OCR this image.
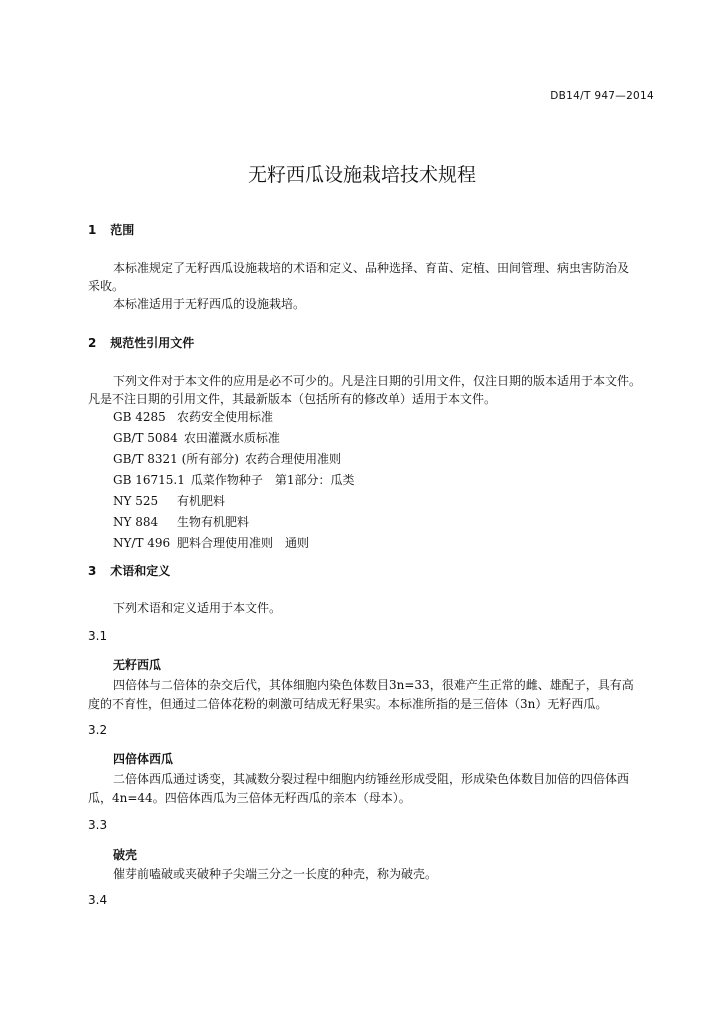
DB14/T 947—2014
无籽西瓜设施栽培技术规程
1 范围
本标准规定了无籽西瓜设施栽培的术语和定义、品种选择、育苗、定植、田间管理、病虫害防治及
采收。
本标准适用于无籽西瓜的设施栽培。
2 规范性引用文件
下列文件对于本文件的应用是必不可少的。凡是注日期的引用文件，仅注日期的版本适用于本文件。
凡是不注日期的引用文件，其最新版本（包括所有的修改单）适用于本文件。
GB 4285 农药安全使用标准
GB/T 5084 农田灌溉水质标准
GB/T 8321 (所有部分) 农药合理使用准则
GB 16715.1 瓜菜作物种子　第1部分：瓜类
NY 525 有机肥料
NY 884 生物有机肥料
NY/T 496 肥料合理使用准则　通则
3 术语和定义
下列术语和定义适用于本文件。
3.1
无籽西瓜
四倍体与二倍体的杂交后代，其体细胞内染色体数目3n=33，很难产生正常的雌、雄配子，具有高
度的不育性，但通过二倍体花粉的刺激可结成无籽果实。本标准所指的是三倍体（3n）无籽西瓜。
3.2
四倍体西瓜
二倍体西瓜通过诱变，其减数分裂过程中细胞内纺锤丝形成受阻，形成染色体数目加倍的四倍体西
瓜，4n=44。四倍体西瓜为三倍体无籽西瓜的亲本（母本）。
3.3
破壳
催芽前嗑破或夹破种子尖端三分之一长度的种壳，称为破壳。
3.4
